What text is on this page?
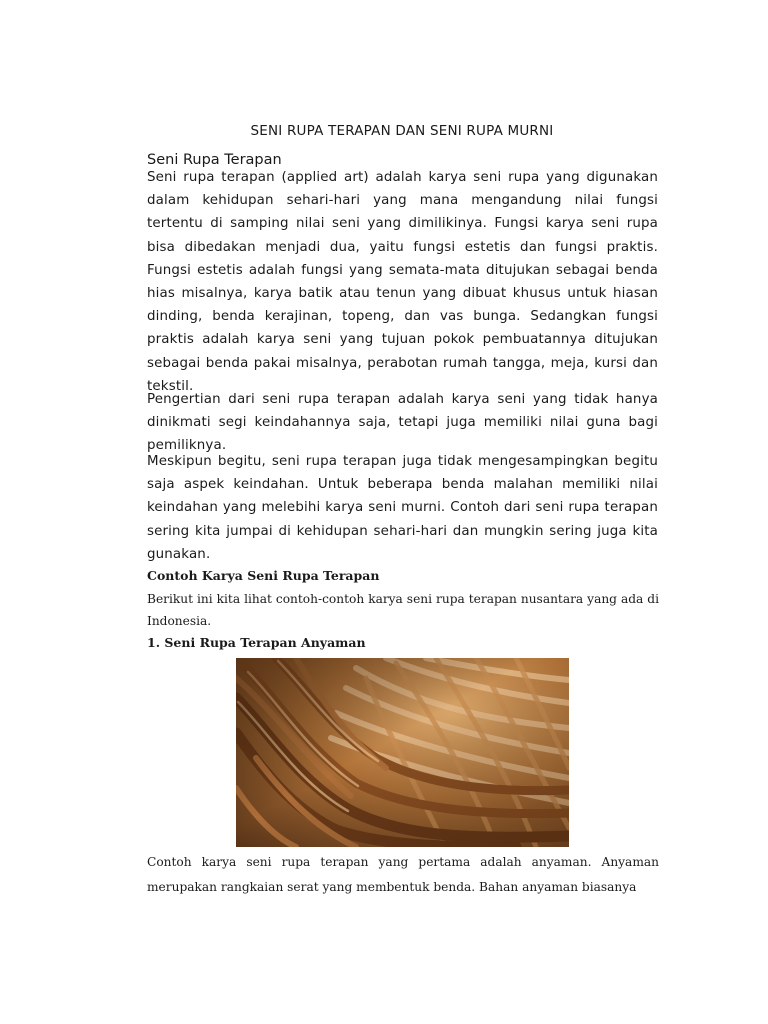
SENI RUPA TERAPAN DAN SENI RUPA MURNI
Seni Rupa Terapan

Seni rupa terapan (applied art) adalah karya seni rupa yang digunakan dalam kehidupan sehari-hari yang mana mengandung nilai fungsi tertentu di samping nilai seni yang dimilikinya. Fungsi karya seni rupa bisa dibedakan menjadi dua, yaitu fungsi estetis dan fungsi praktis. Fungsi estetis adalah fungsi yang semata-mata ditujukan sebagai benda hias misalnya, karya batik atau tenun yang dibuat khusus untuk hiasan dinding, benda kerajinan, topeng, dan vas bunga. Sedangkan fungsi praktis adalah karya seni yang tujuan pokok pembuatannya ditujukan sebagai benda pakai misalnya, perabotan rumah tangga, meja, kursi dan tekstil.

Pengertian dari seni rupa terapan adalah karya seni yang tidak hanya dinikmati segi keindahannya saja, tetapi juga memiliki nilai guna bagi pemiliknya.

Meskipun begitu, seni rupa terapan juga tidak mengesampingkan begitu saja aspek keindahan. Untuk beberapa benda malahan memiliki nilai keindahan yang melebihi karya seni murni. Contoh dari seni rupa terapan sering kita jumpai di kehidupan sehari-hari dan mungkin sering juga kita gunakan.

Contoh Karya Seni Rupa Terapan

Berikut ini kita lihat contoh-contoh karya seni rupa terapan nusantara yang ada di Indonesia.

1. Seni Rupa Terapan Anyaman

Contoh karya seni rupa terapan yang pertama adalah anyaman. Anyaman merupakan rangkaian serat yang membentuk benda. Bahan anyaman biasanya
